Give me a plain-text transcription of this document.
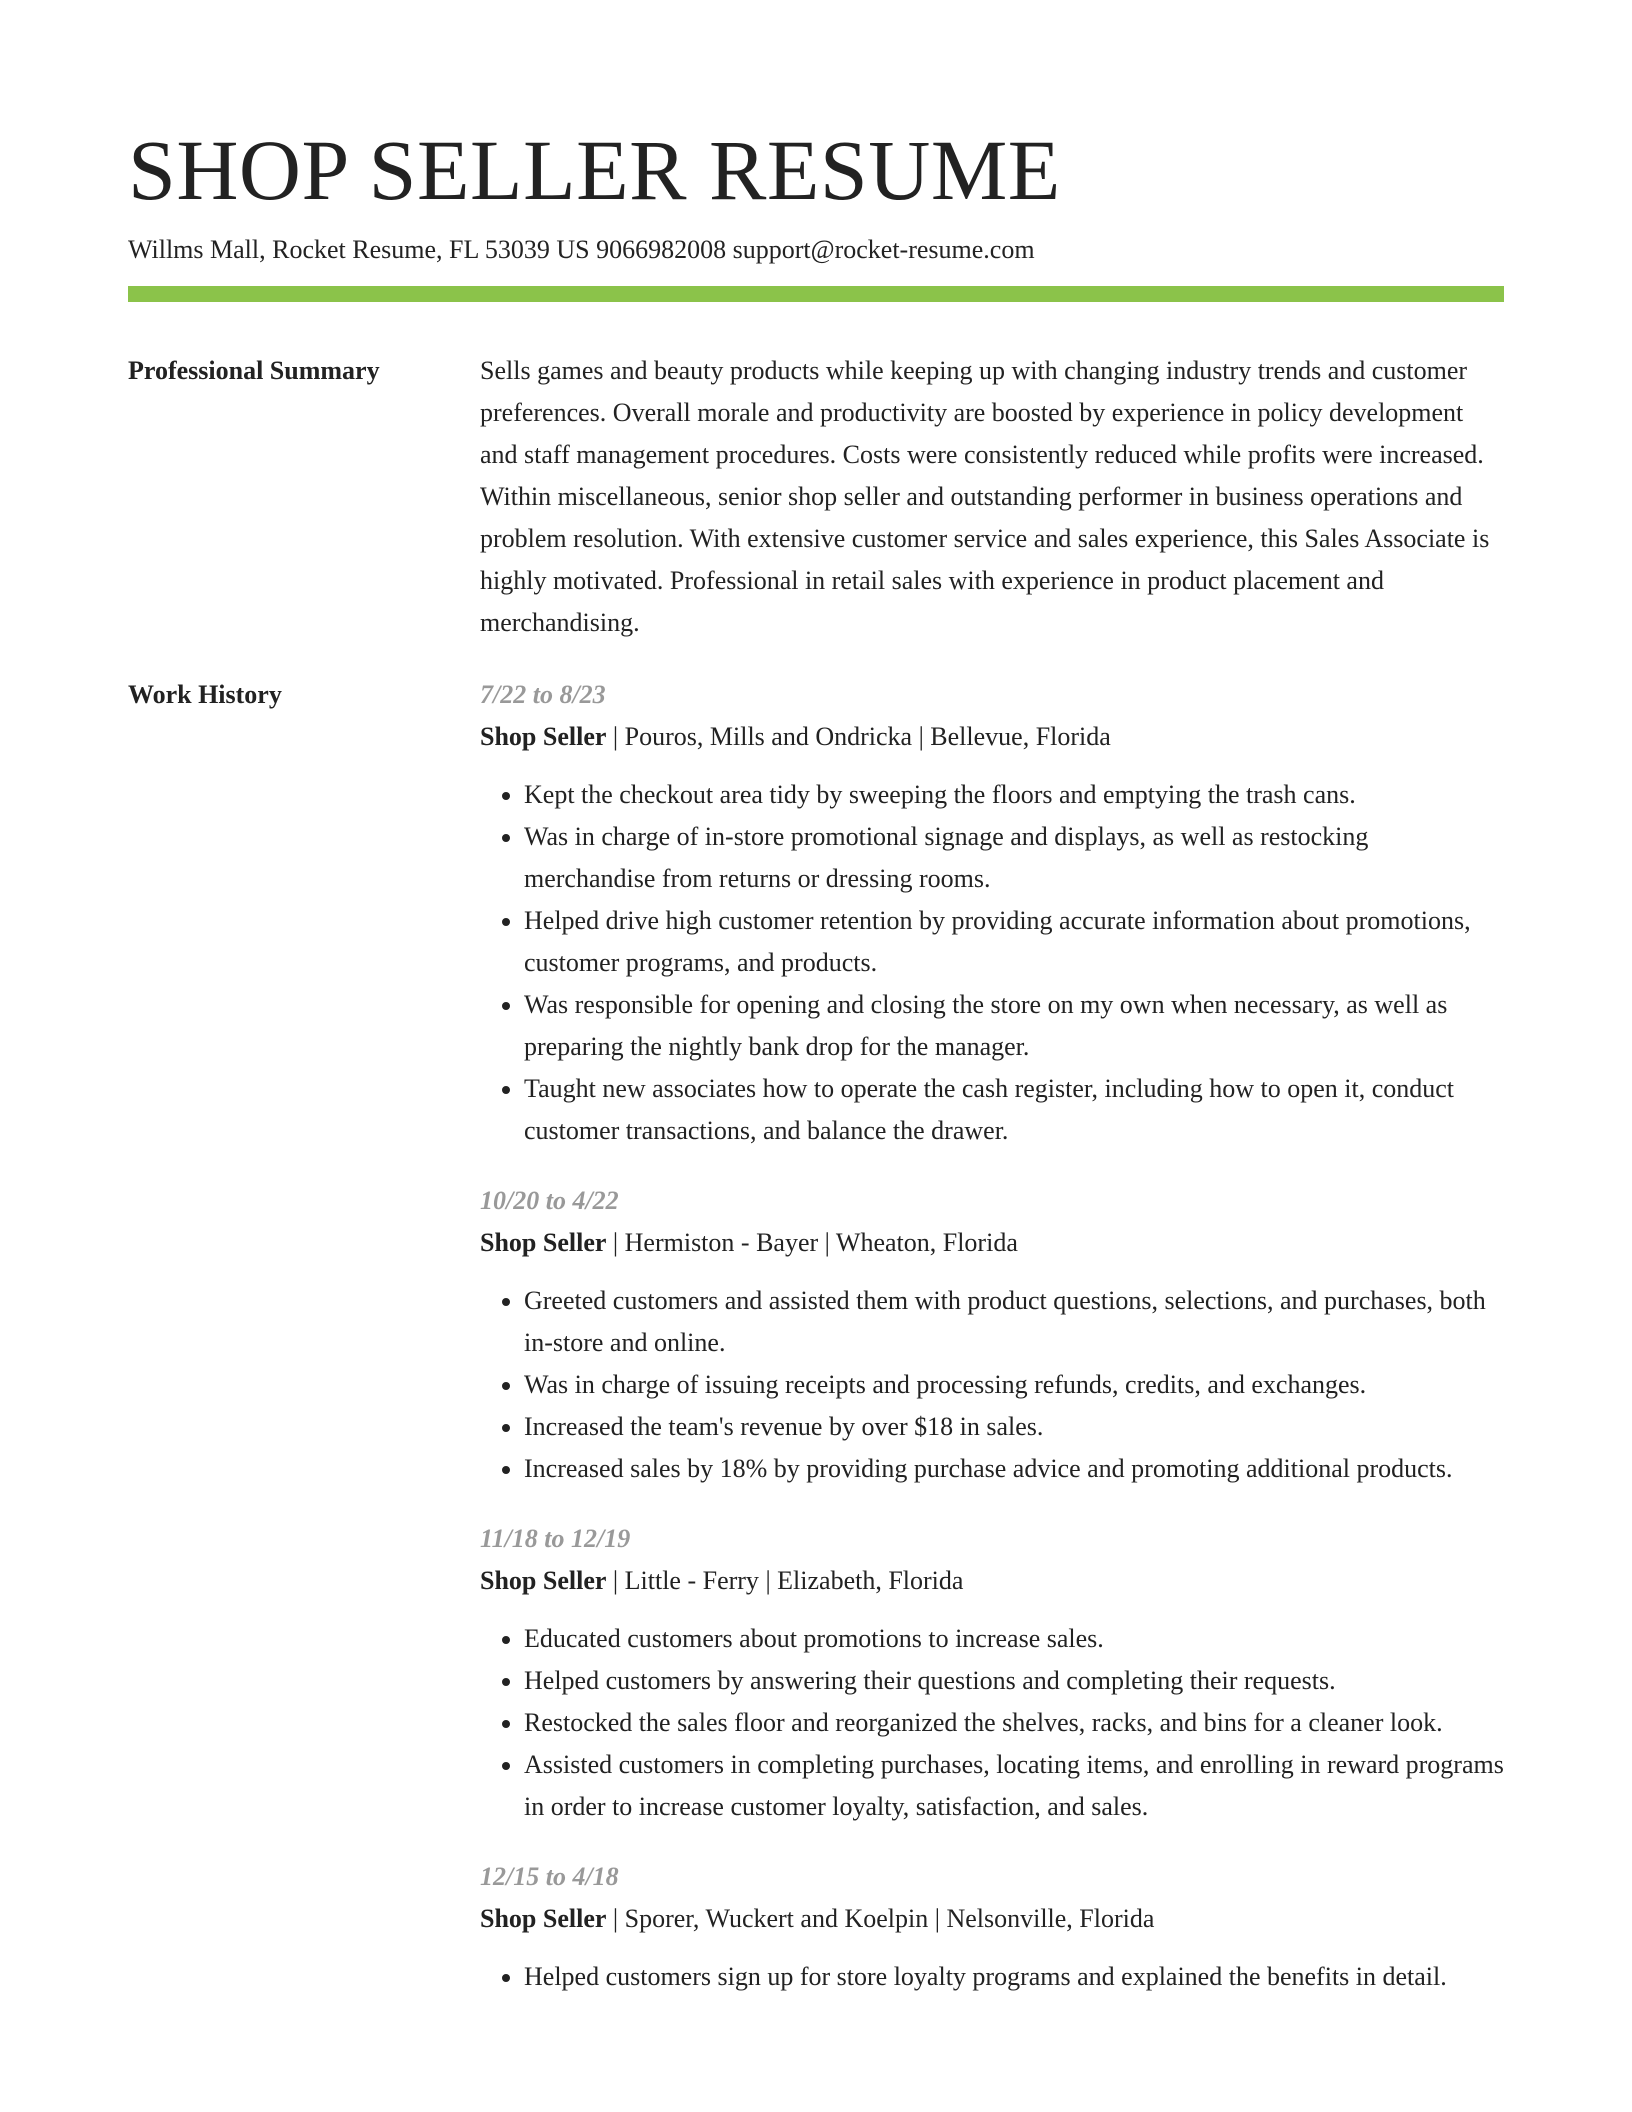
SHOP SELLER RESUME
Willms Mall, Rocket Resume, FL 53039 US 9066982008 support@rocket-resume.com
Professional Summary	Sells games and beauty products while keeping up with changing industry trends and customer preferences. Overall morale and productivity are boosted by experience in policy development and staff management procedures. Costs were consistently reduced while profits were increased. Within miscellaneous, senior shop seller and outstanding performer in business operations and problem resolution. With extensive customer service and sales experience, this Sales Associate is highly motivated. Professional in retail sales with experience in product placement and merchandising.
Work History	7/22 to 8/23
Shop Seller | Pouros, Mills and Ondricka | Bellevue, Florida
• Kept the checkout area tidy by sweeping the floors and emptying the trash cans.
• Was in charge of in-store promotional signage and displays, as well as restocking merchandise from returns or dressing rooms.
• Helped drive high customer retention by providing accurate information about promotions, customer programs, and products.
• Was responsible for opening and closing the store on my own when necessary, as well as preparing the nightly bank drop for the manager.
• Taught new associates how to operate the cash register, including how to open it, conduct customer transactions, and balance the drawer.
10/20 to 4/22
Shop Seller | Hermiston - Bayer | Wheaton, Florida
• Greeted customers and assisted them with product questions, selections, and purchases, both in-store and online.
• Was in charge of issuing receipts and processing refunds, credits, and exchanges.
• Increased the team's revenue by over $18 in sales.
• Increased sales by 18% by providing purchase advice and promoting additional products.
11/18 to 12/19
Shop Seller | Little - Ferry | Elizabeth, Florida
• Educated customers about promotions to increase sales.
• Helped customers by answering their questions and completing their requests.
• Restocked the sales floor and reorganized the shelves, racks, and bins for a cleaner look.
• Assisted customers in completing purchases, locating items, and enrolling in reward programs in order to increase customer loyalty, satisfaction, and sales.
12/15 to 4/18
Shop Seller | Sporer, Wuckert and Koelpin | Nelsonville, Florida
• Helped customers sign up for store loyalty programs and explained the benefits in detail.
